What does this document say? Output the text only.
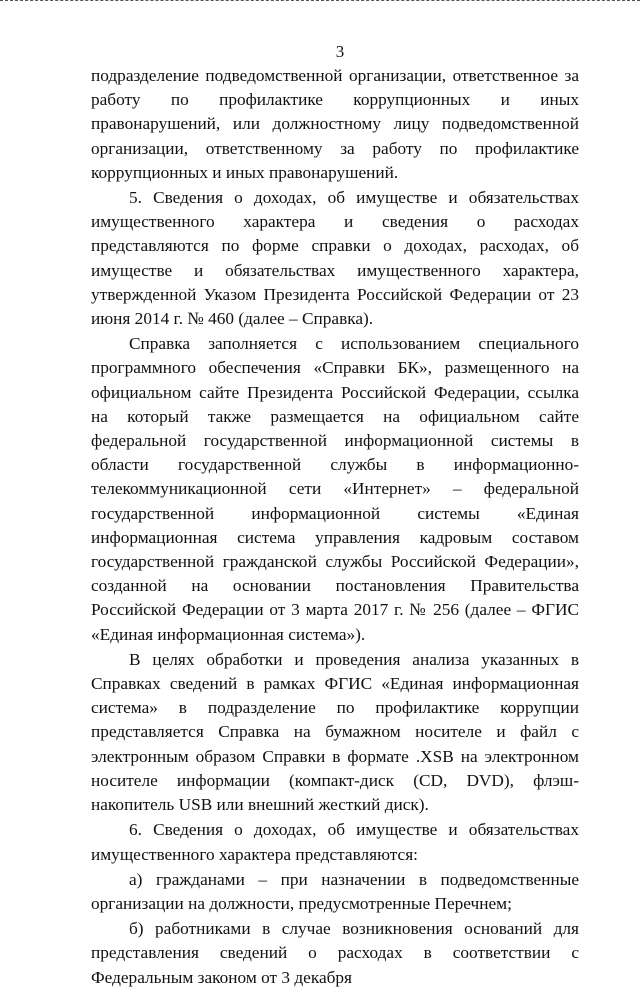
3

подразделение подведомственной организации, ответственное за работу по профилактике коррупционных и иных правонарушений, или должностному лицу подведомственной организации, ответственному за работу по профилактике коррупционных и иных правонарушений.

5. Сведения о доходах, об имуществе и обязательствах имущественного характера и сведения о расходах представляются по форме справки о доходах, расходах, об имуществе и обязательствах имущественного характера, утвержденной Указом Президента Российской Федерации от 23 июня 2014 г. № 460 (далее – Справка).

Справка заполняется с использованием специального программного обеспечения «Справки БК», размещенного на официальном сайте Президента Российской Федерации, ссылка на который также размещается на официальном сайте федеральной государственной информационной системы в области государственной службы в информационно-телекоммуникационной сети «Интернет» – федеральной государственной информационной системы «Единая информационная система управления кадровым составом государственной гражданской службы Российской Федерации», созданной на основании постановления Правительства Российской Федерации от 3 марта 2017 г. № 256 (далее – ФГИС «Единая информационная система»).

В целях обработки и проведения анализа указанных в Справках сведений в рамках ФГИС «Единая информационная система» в подразделение по профилактике коррупции представляется Справка на бумажном носителе и файл с электронным образом Справки в формате .XSB на электронном носителе информации (компакт-диск (CD, DVD), флэш-накопитель USB или внешний жесткий диск).

6. Сведения о доходах, об имуществе и обязательствах имущественного характера представляются:

а) гражданами – при назначении в подведомственные организации на должности, предусмотренные Перечнем;

б) работниками в случае возникновения оснований для представления сведений о расходах в соответствии с Федеральным законом от 3 декабря
